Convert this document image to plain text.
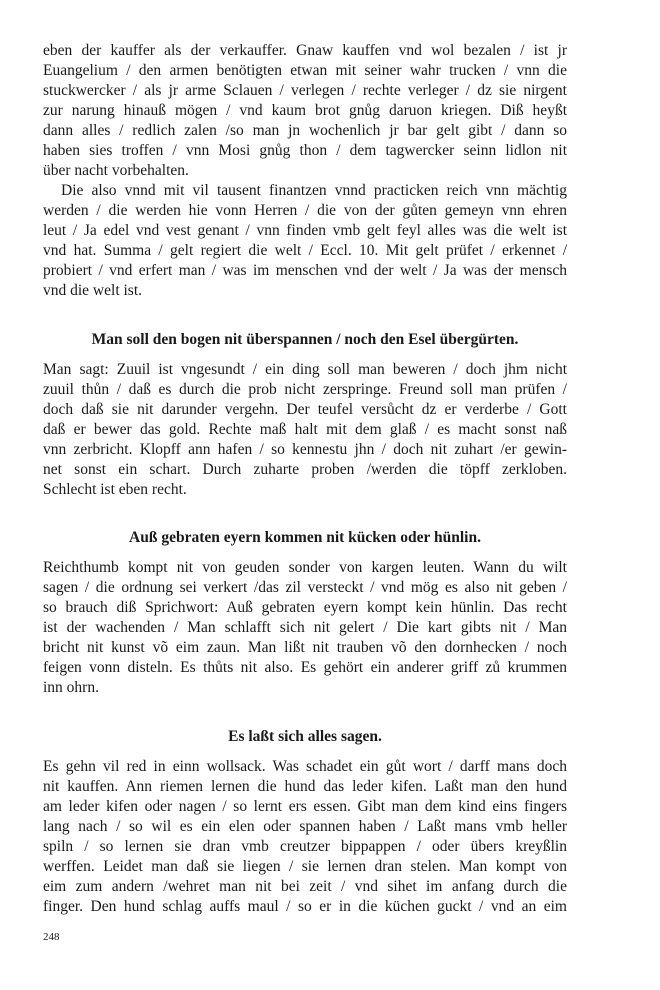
eben der kauffer als der verkauffer. Gnaw kauffen vnd wol bezalen / ist jr
Euangelium / den armen benötigten etwan mit seiner wahr trucken / vnn die
stuckwercker / als jr arme Sclauen / verlegen / rechte verleger / dz sie nirgent
zur narung hinauß mögen / vnd kaum brot gnůg daruon kriegen. Diß heyßt
dann alles / redlich zalen /so man jn wochenlich jr bar gelt gibt / dann so
haben sies troffen / vnn Mosi gnůg thon / dem tagwercker seinn lidlon nit
über nacht vorbehalten.
Die also vnnd mit vil tausent finantzen vnnd practicken reich vnn mächtig
werden / die werden hie vonn Herren / die von der gůten gemeyn vnn ehren
leut / Ja edel vnd vest genant / vnn finden vmb gelt feyl alles was die welt ist
vnd hat. Summa / gelt regiert die welt / Eccl. 10. Mit gelt prüfet / erkennet /
probiert / vnd erfert man / was im menschen vnd der welt / Ja was der mensch
vnd die welt ist.
Man soll den bogen nit überspannen / noch den Esel übergürten.
Man sagt: Zuuil ist vngesundt / ein ding soll man beweren / doch jhm nicht
zuuil thůn / daß es durch die prob nicht zerspringe. Freund soll man prüfen /
doch daß sie nit darunder vergehn. Der teufel versůcht dz er verderbe / Gott
daß er bewer das gold. Rechte maß halt mit dem glaß / es macht sonst naß
vnn zerbricht. Klopff ann hafen / so kennestu jhn / doch nit zuhart /er gewin-
net sonst ein schart. Durch zuharte proben /werden die töpff zerkloben.
Schlecht ist eben recht.
Auß gebraten eyern kommen nit kücken oder hünlin.
Reichthumb kompt nit von geuden sonder von kargen leuten. Wann du wilt
sagen / die ordnung sei verkert /das zil versteckt / vnd mög es also nit geben /
so brauch diß Sprichwort: Auß gebraten eyern kompt kein hünlin. Das recht
ist der wachenden / Man schlafft sich nit gelert / Die kart gibts nit / Man
bricht nit kunst võ eim zaun. Man lißt nit trauben võ den dornhecken / noch
feigen vonn disteln. Es thůts nit also. Es gehört ein anderer griff zů krummen
inn ohrn.
Es laßt sich alles sagen.
Es gehn vil red in einn wollsack. Was schadet ein gůt wort / darff mans doch
nit kauffen. Ann riemen lernen die hund das leder kifen. Laßt man den hund
am leder kifen oder nagen / so lernt ers essen. Gibt man dem kind eins fingers
lang nach / so wil es ein elen oder spannen haben / Laßt mans vmb heller
spiln / so lernen sie dran vmb creutzer bippappen / oder übers kreyßlin
werffen. Leidet man daß sie liegen / sie lernen dran stelen. Man kompt von
eim zum andern /wehret man nit bei zeit / vnd sihet im anfang durch die
finger. Den hund schlag auffs maul / so er in die küchen guckt / vnd an eim
248
